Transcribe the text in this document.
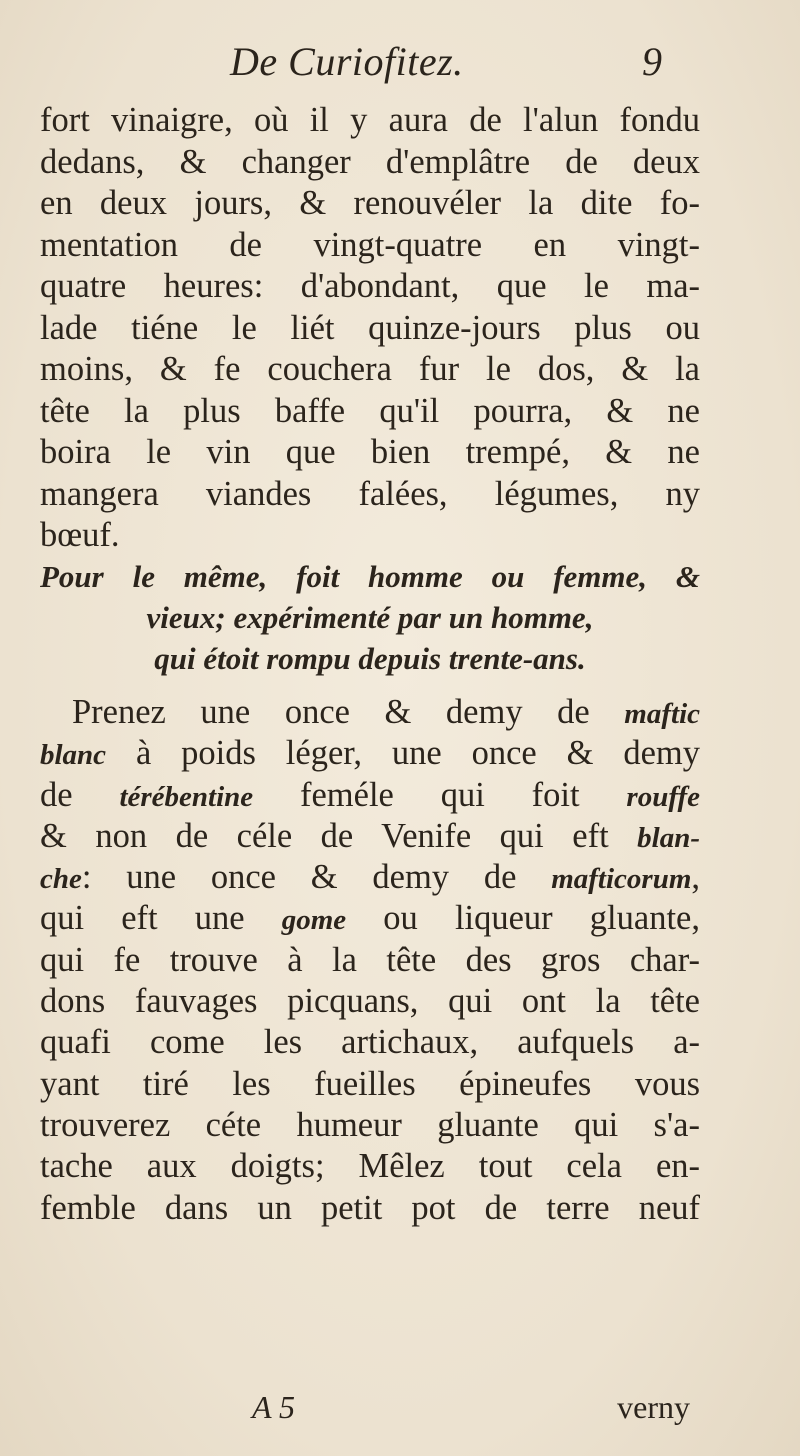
De Curiofitez.	9
fort vinaigre, où il y aura de l'alun fondu
dedans, & changer d'emplâtre de deux
en deux jours, & renouvéler la dite fo-
mentation de vingt-quatre en vingt-
quatre heures: d'abondant, que le ma-
lade tiéne le liét quinze-jours plus ou
moins, & fe couchera fur le dos, & la
tête la plus baffe qu'il pourra, & ne
boira le vin que bien trempé, & ne
mangera viandes falées, légumes, ny
bœuf.
Pour le même, foit homme ou femme, &
vieux; expérimenté par un homme,
qui étoit rompu depuis trente-ans.
Prenez une once & demy de maftic
blanc à poids léger, une once & demy
de térébentine feméle qui foit rouffe
& non de céle de Venife qui eft blan-
che: une once & demy de mafticorum,
qui eft une gome ou liqueur gluante,
qui fe trouve à la tête des gros char-
dons fauvages picquans, qui ont la tête
quafi come les artichaux, aufquels a-
yant tiré les fueilles épineufes vous
trouverez céte humeur gluante qui s'a-
tache aux doigts; Mêlez tout cela en-
femble dans un petit pot de terre neuf
A 5	verny
